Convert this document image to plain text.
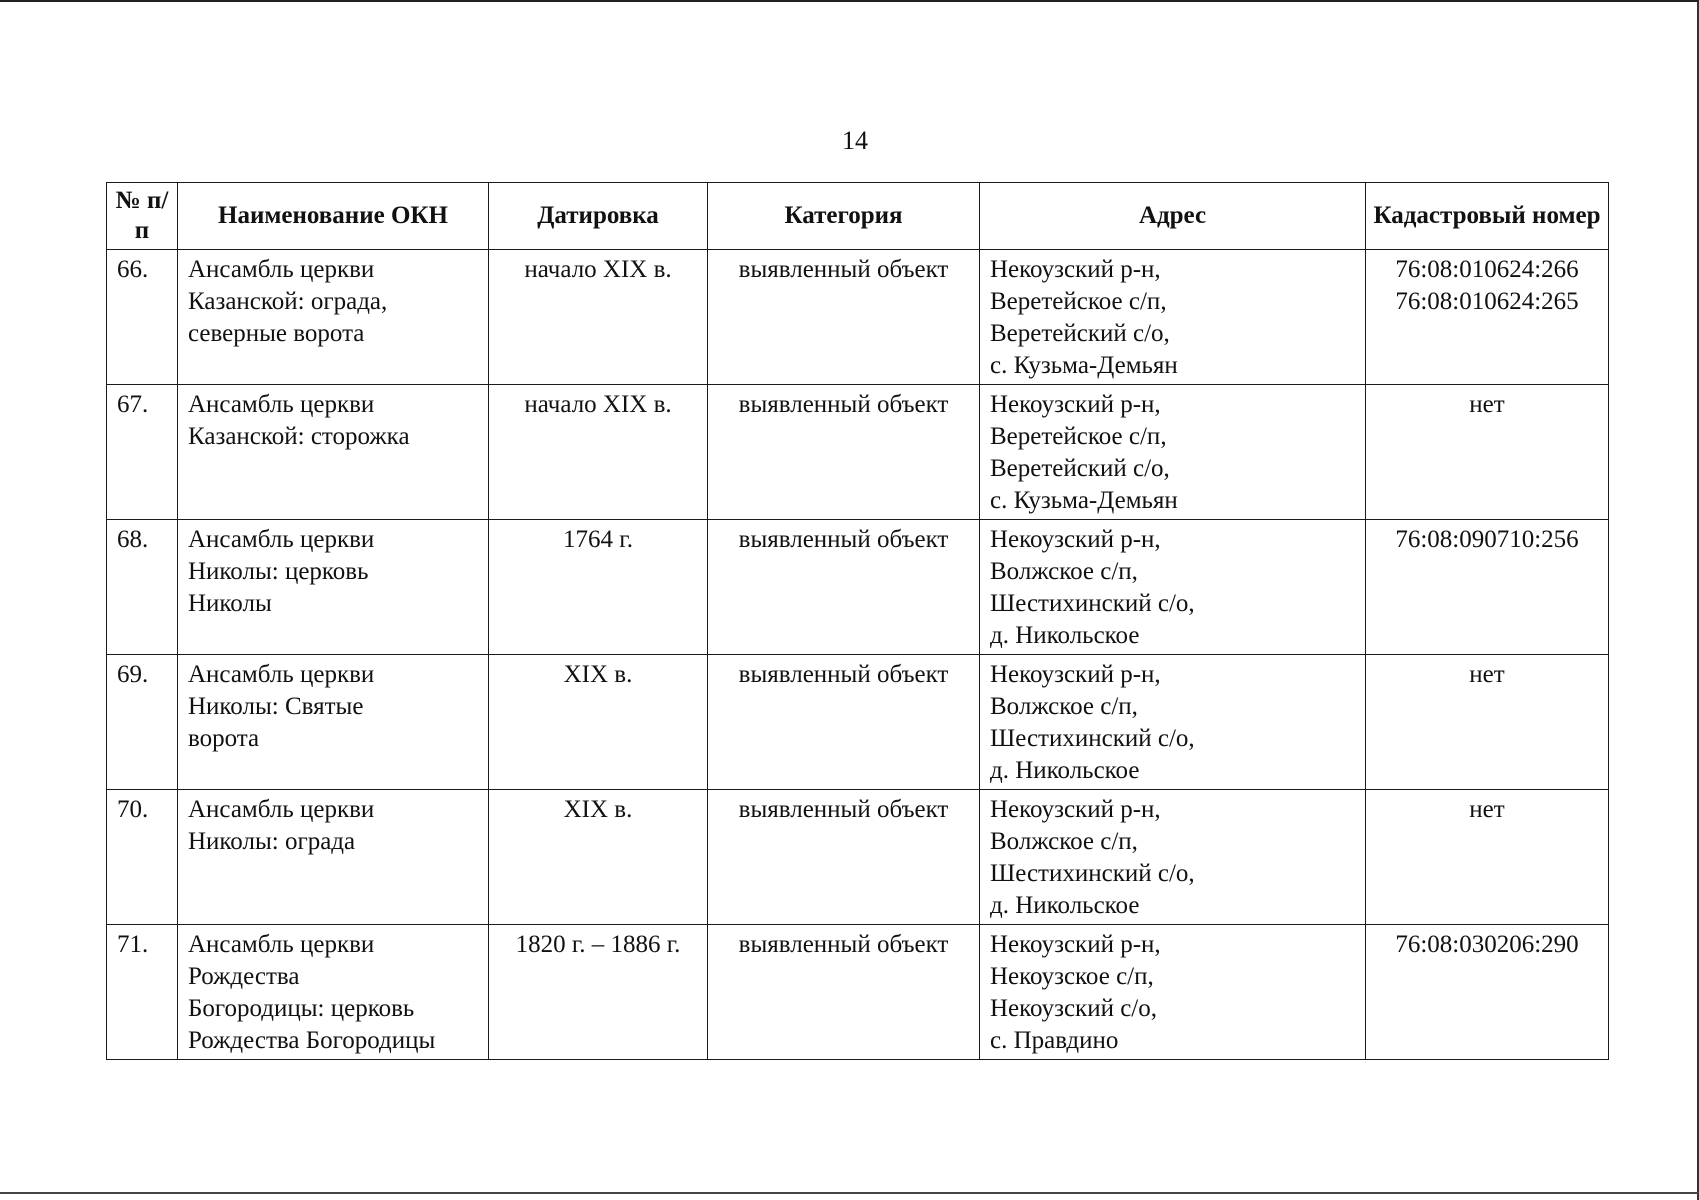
14
№ п/п	Наименование ОКН	Датировка	Категория	Адрес	Кадастровый номер
66.	Ансамбль церкви
Казанской: ограда,
северные ворота	начало XIX в.	выявленный объект	Некоузский р-н,
Веретейское с/п,
Веретейский с/о,
с. Кузьма-Демьян	76:08:010624:266
76:08:010624:265

67.	Ансамбль церкви
Казанской: сторожка	начало XIX в.	выявленный объект	Некоузский р-н,
Веретейское с/п,
Веретейский с/о,
с. Кузьма-Демьян	нет

68.	Ансамбль церкви
Николы: церковь
Николы	1764 г.	выявленный объект	Некоузский р-н,
Волжское с/п,
Шестихинский с/о,
д. Никольское	76:08:090710:256

69.	Ансамбль церкви
Николы: Святые
ворота	XIX в.	выявленный объект	Некоузский р-н,
Волжское с/п,
Шестихинский с/о,
д. Никольское	нет

70.	Ансамбль церкви
Николы: ограда	XIX в.	выявленный объект	Некоузский р-н,
Волжское с/п,
Шестихинский с/о,
д. Никольское	нет

71.	Ансамбль церкви
Рождества
Богородицы: церковь
Рождества Богородицы	1820 г. – 1886 г.	выявленный объект	Некоузский р-н,
Некоузское с/п,
Некоузский с/о,
с. Правдино	76:08:030206:290
